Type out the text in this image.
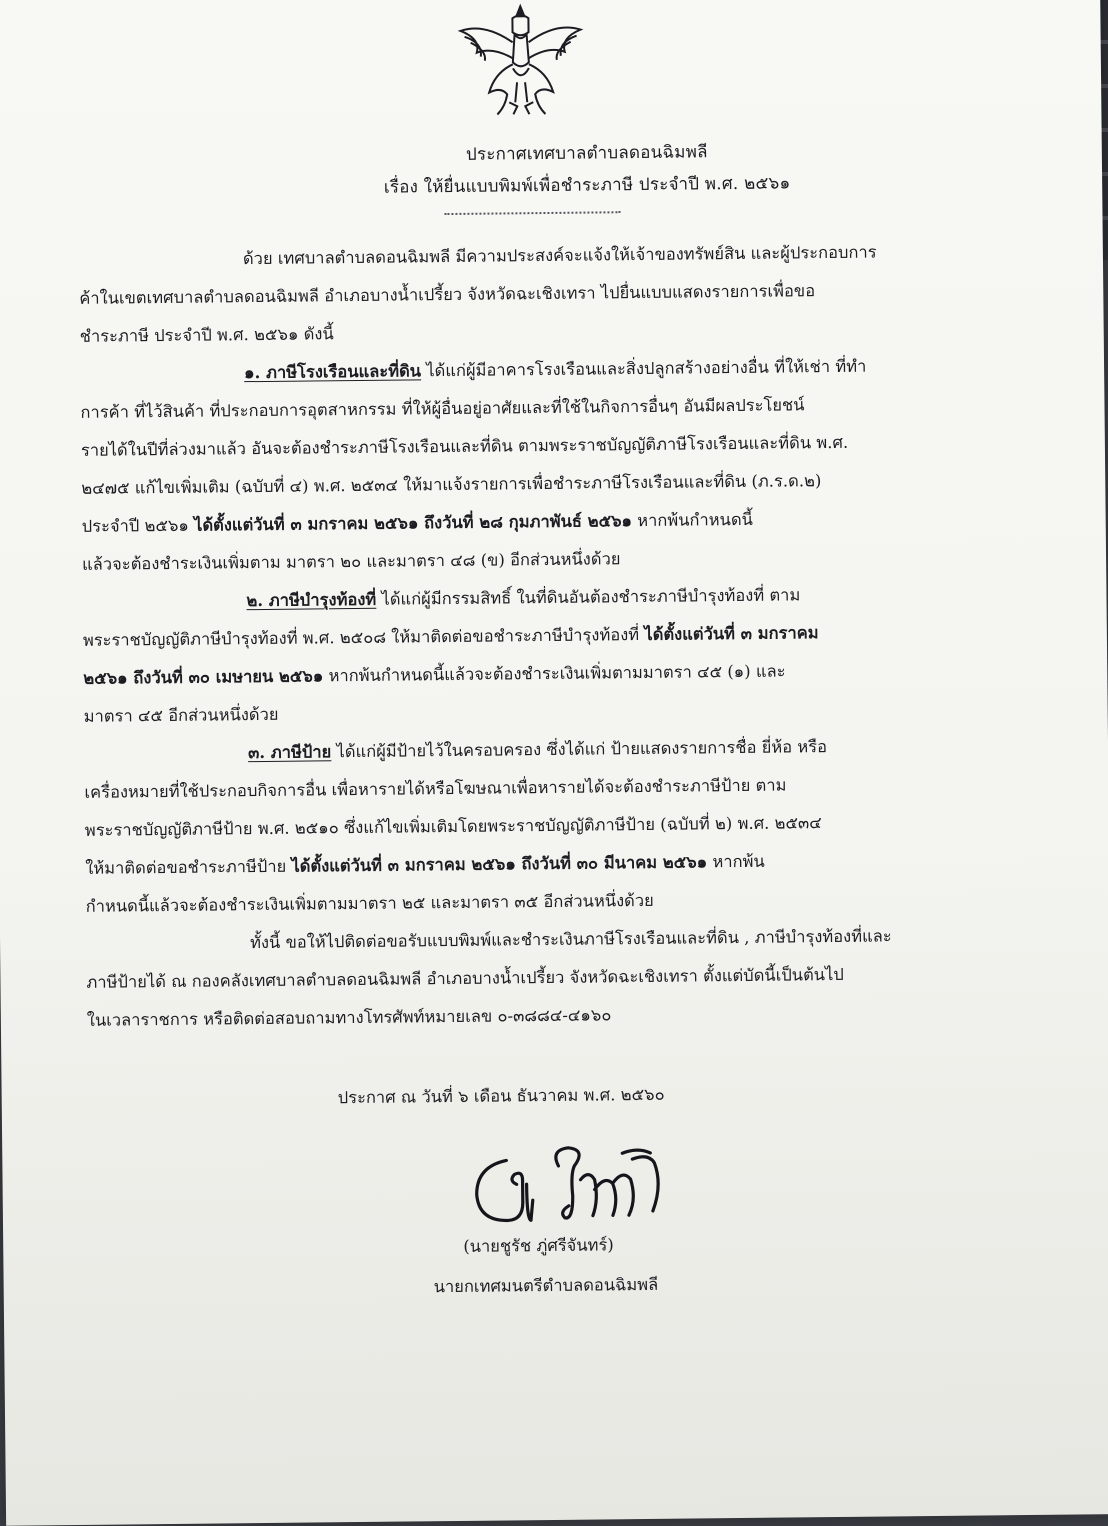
ประกาศเทศบาลตำบลดอนฉิมพลี
เรื่อง ให้ยื่นแบบพิมพ์เพื่อชำระภาษี ประจำปี พ.ศ. ๒๕๖๑
ด้วย เทศบาลตำบลดอนฉิมพลี มีความประสงค์จะแจ้งให้เจ้าของทรัพย์สิน และผู้ประกอบการ
ค้าในเขตเทศบาลตำบลดอนฉิมพลี อำเภอบางน้ำเปรี้ยว จังหวัดฉะเชิงเทรา ไปยื่นแบบแสดงรายการเพื่อขอ
ชำระภาษี ประจำปี พ.ศ. ๒๕๖๑ ดังนี้
๑. ภาษีโรงเรือนและที่ดิน ได้แก่ผู้มีอาคารโรงเรือนและสิ่งปลูกสร้างอย่างอื่น ที่ให้เช่า ที่ทำ
การค้า ที่ไว้สินค้า ที่ประกอบการอุตสาหกรรม ที่ให้ผู้อื่นอยู่อาศัยและที่ใช้ในกิจการอื่นๆ อันมีผลประโยชน์
รายได้ในปีที่ล่วงมาแล้ว อันจะต้องชำระภาษีโรงเรือนและที่ดิน ตามพระราชบัญญัติภาษีโรงเรือนและที่ดิน พ.ศ.
๒๔๗๕ แก้ไขเพิ่มเติม (ฉบับที่ ๔) พ.ศ. ๒๕๓๔ ให้มาแจ้งรายการเพื่อชำระภาษีโรงเรือนและที่ดิน (ภ.ร.ด.๒)
ประจำปี ๒๕๖๑ ได้ตั้งแต่วันที่ ๓ มกราคม ๒๕๖๑ ถึงวันที่ ๒๘ กุมภาพันธ์ ๒๕๖๑ หากพ้นกำหนดนี้
แล้วจะต้องชำระเงินเพิ่มตาม มาตรา ๒๐ และมาตรา ๔๘ (ข) อีกส่วนหนึ่งด้วย
๒. ภาษีบำรุงท้องที่ ได้แก่ผู้มีกรรมสิทธิ์ ในที่ดินอันต้องชำระภาษีบำรุงท้องที่ ตาม
พระราชบัญญัติภาษีบำรุงท้องที่ พ.ศ. ๒๕๐๘ ให้มาติดต่อขอชำระภาษีบำรุงท้องที่ ได้ตั้งแต่วันที่ ๓ มกราคม
๒๕๖๑ ถึงวันที่ ๓๐ เมษายน ๒๕๖๑ หากพ้นกำหนดนี้แล้วจะต้องชำระเงินเพิ่มตามมาตรา ๔๕ (๑) และ
มาตรา ๔๕ อีกส่วนหนึ่งด้วย
๓. ภาษีป้าย ได้แก่ผู้มีป้ายไว้ในครอบครอง ซึ่งได้แก่ ป้ายแสดงรายการชื่อ ยี่ห้อ หรือ
เครื่องหมายที่ใช้ประกอบกิจการอื่น เพื่อหารายได้หรือโฆษณาเพื่อหารายได้จะต้องชำระภาษีป้าย ตาม
พระราชบัญญัติภาษีป้าย พ.ศ. ๒๕๑๐ ซึ่งแก้ไขเพิ่มเติมโดยพระราชบัญญัติภาษีป้าย (ฉบับที่ ๒) พ.ศ. ๒๕๓๔
ให้มาติดต่อขอชำระภาษีป้าย ได้ตั้งแต่วันที่ ๓ มกราคม ๒๕๖๑ ถึงวันที่ ๓๐ มีนาคม ๒๕๖๑ หากพ้น
กำหนดนี้แล้วจะต้องชำระเงินเพิ่มตามมาตรา ๒๕ และมาตรา ๓๕ อีกส่วนหนึ่งด้วย
ทั้งนี้ ขอให้ไปติดต่อขอรับแบบพิมพ์และชำระเงินภาษีโรงเรือนและที่ดิน , ภาษีบำรุงท้องที่และ
ภาษีป้ายได้ ณ กองคลังเทศบาลตำบลดอนฉิมพลี อำเภอบางน้ำเปรี้ยว จังหวัดฉะเชิงเทรา ตั้งแต่บัดนี้เป็นต้นไป
ในเวลาราชการ หรือติดต่อสอบถามทางโทรศัพท์หมายเลข ๐-๓๘๘๔-๔๑๖๐
ประกาศ ณ วันที่ ๖ เดือน ธันวาคม พ.ศ. ๒๕๖๐
(นายชูรัช ภู่ศรีจันทร์)
นายกเทศมนตรีตำบลดอนฉิมพลี
